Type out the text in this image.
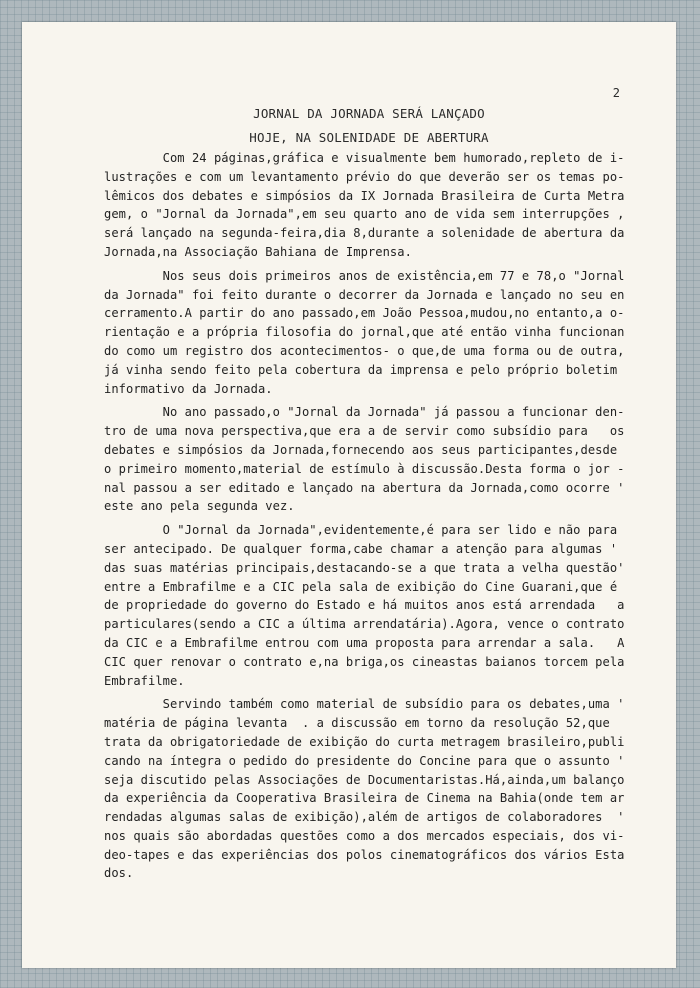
2
JORNAL DA JORNADA SERÁ LANÇADO
HOJE, NA SOLENIDADE DE ABERTURA
Com 24 páginas,gráfica e visualmente bem humorado,repleto de i-
lustrações e com um levantamento prévio do que deverão ser os temas po-
lêmicos dos debates e simpósios da IX Jornada Brasileira de Curta Metra
gem, o "Jornal da Jornada",em seu quarto ano de vida sem interrupções ,
será lançado na segunda-feira,dia 8,durante a solenidade de abertura da
Jornada,na Associação Bahiana de Imprensa.
Nos seus dois primeiros anos de existência,em 77 e 78,o "Jornal
da Jornada" foi feito durante o decorrer da Jornada e lançado no seu en
cerramento.A partir do ano passado,em João Pessoa,mudou,no entanto,a o-
rientação e a própria filosofia do jornal,que até então vinha funcionan
do como um registro dos acontecimentos- o que,de uma forma ou de outra,
já vinha sendo feito pela cobertura da imprensa e pelo próprio boletim
informativo da Jornada.
No ano passado,o "Jornal da Jornada" já passou a funcionar den-
tro de uma nova perspectiva,que era a de servir como subsídio para   os
debates e simpósios da Jornada,fornecendo aos seus participantes,desde
o primeiro momento,material de estímulo à discussão.Desta forma o jor -
nal passou a ser editado e lançado na abertura da Jornada,como ocorre '
este ano pela segunda vez.
O "Jornal da Jornada",evidentemente,é para ser lido e não para
ser antecipado. De qualquer forma,cabe chamar a atenção para algumas '
das suas matérias principais,destacando-se a que trata a velha questão'
entre a Embrafilme e a CIC pela sala de exibição do Cine Guarani,que é
de propriedade do governo do Estado e há muitos anos está arrendada   a
particulares(sendo a CIC a última arrendatária).Agora, vence o contrato
da CIC e a Embrafilme entrou com uma proposta para arrendar a sala.   A
CIC quer renovar o contrato e,na briga,os cineastas baianos torcem pela
Embrafilme.
Servindo também como material de subsídio para os debates,uma '
matéria de página levanta  . a discussão em torno da resolução 52,que
trata da obrigatoriedade de exibição do curta metragem brasileiro,publi
cando na íntegra o pedido do presidente do Concine para que o assunto '
seja discutido pelas Associações de Documentaristas.Há,ainda,um balanço
da experiência da Cooperativa Brasileira de Cinema na Bahia(onde tem ar
rendadas algumas salas de exibição),além de artigos de colaboradores  '
nos quais são abordadas questões como a dos mercados especiais, dos vi-
deo-tapes e das experiências dos polos cinematográficos dos vários Esta
dos.
